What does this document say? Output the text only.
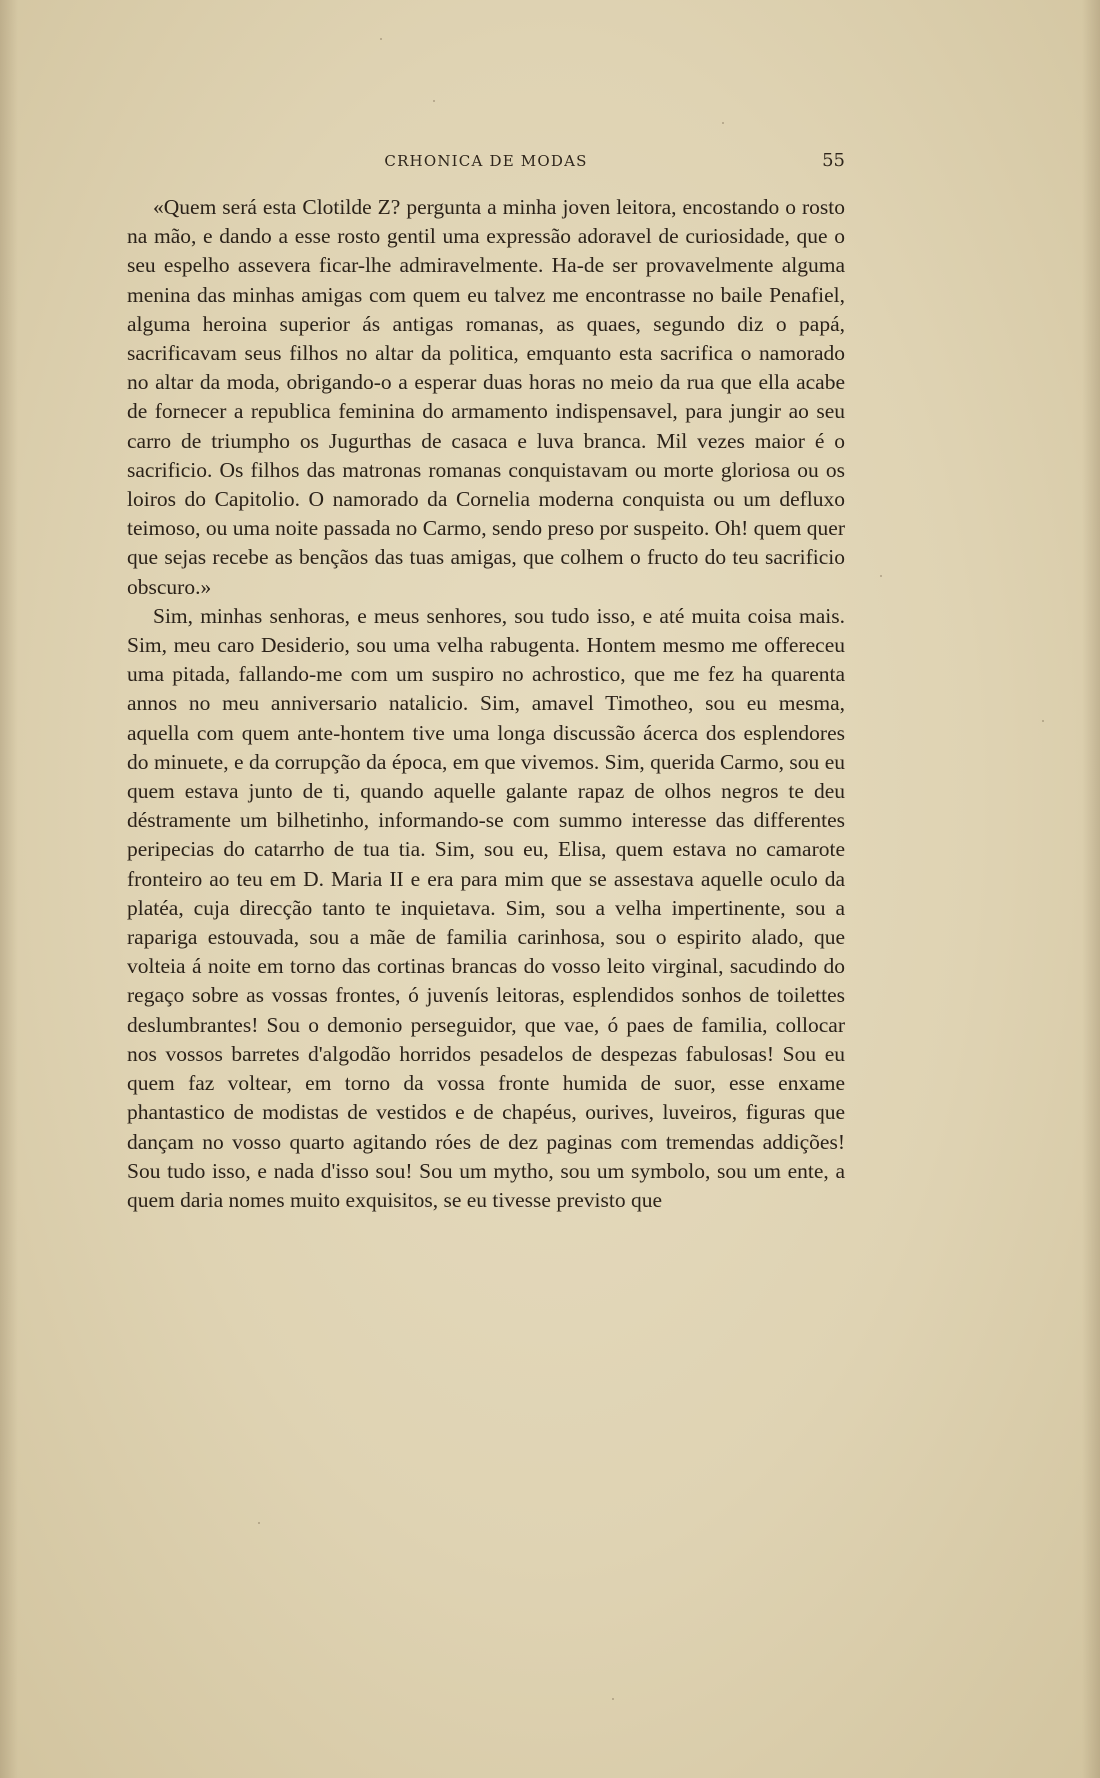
CRHONICA DE MODAS	55

«Quem será esta Clotilde Z? pergunta a minha joven leitora, encostando o rosto na mão, e dando a esse rosto gentil uma expressão adoravel de curiosidade, que o seu espelho assevera ficar-lhe admiravelmente. Ha-de ser provavelmente alguma menina das minhas amigas com quem eu talvez me encontrasse no baile Penafiel, alguma heroina superior ás antigas romanas, as quaes, segundo diz o papá, sacrificavam seus filhos no altar da politica, emquanto esta sacrifica o namorado no altar da moda, obrigando-o a esperar duas horas no meio da rua que ella acabe de fornecer a republica feminina do armamento indispensavel, para jungir ao seu carro de triumpho os Jugurthas de casaca e luva branca. Mil vezes maior é o sacrificio. Os filhos das matronas romanas conquistavam ou morte gloriosa ou os loiros do Capitolio. O namorado da Cornelia moderna conquista ou um defluxo teimoso, ou uma noite passada no Carmo, sendo preso por suspeito. Oh! quem quer que sejas recebe as bençãos das tuas amigas, que colhem o fructo do teu sacrificio obscuro.»

Sim, minhas senhoras, e meus senhores, sou tudo isso, e até muita coisa mais. Sim, meu caro Desiderio, sou uma velha rabugenta. Hontem mesmo me offereceu uma pitada, fallando-me com um suspiro no achrostico, que me fez ha quarenta annos no meu anniversario natalicio. Sim, amavel Timotheo, sou eu mesma, aquella com quem ante-hontem tive uma longa discussão ácerca dos esplendores do minuete, e da corrupção da época, em que vivemos. Sim, querida Carmo, sou eu quem estava junto de ti, quando aquelle galante rapaz de olhos negros te deu déstramente um bilhetinho, informando-se com summo interesse das differentes peripecias do catarrho de tua tia. Sim, sou eu, Elisa, quem estava no camarote fronteiro ao teu em D. Maria II e era para mim que se assestava aquelle oculo da platéa, cuja direcção tanto te inquietava. Sim, sou a velha impertinente, sou a rapariga estouvada, sou a mãe de familia carinhosa, sou o espirito alado, que volteia á noite em torno das cortinas brancas do vosso leito virginal, sacudindo do regaço sobre as vossas frontes, ó juvenís leitoras, esplendidos sonhos de toilettes deslumbrantes! Sou o demonio perseguidor, que vae, ó paes de familia, collocar nos vossos barretes d'algodão horridos pesadelos de despezas fabulosas! Sou eu quem faz voltear, em torno da vossa fronte humida de suor, esse enxame phantastico de modistas de vestidos e de chapéus, ourives, luveiros, figuras que dançam no vosso quarto agitando róes de dez paginas com tremendas addições! Sou tudo isso, e nada d'isso sou! Sou um mytho, sou um symbolo, sou um ente, a quem daria nomes muito exquisitos, se eu tivesse previsto que
